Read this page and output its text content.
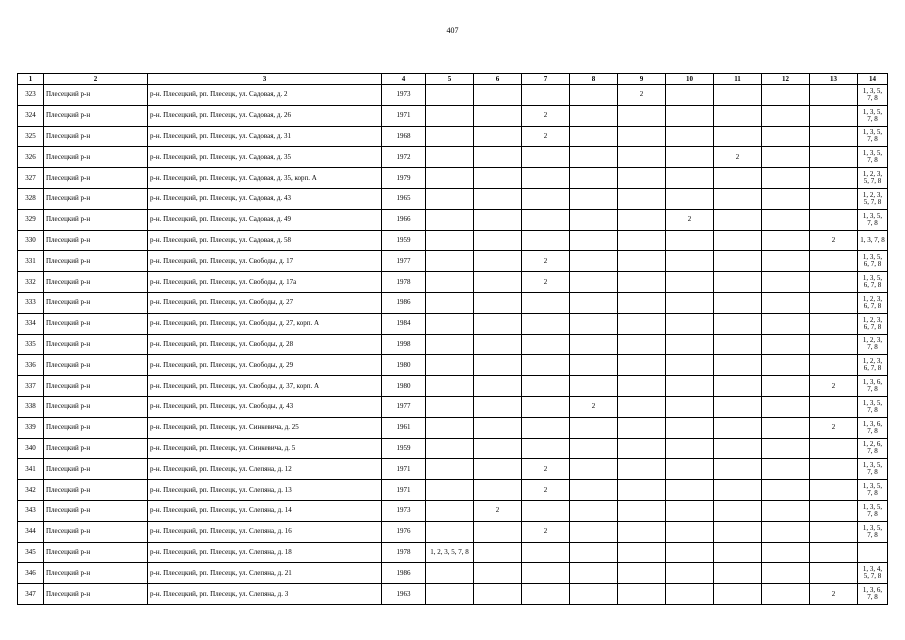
407
1	2	3	4	5	6	7	8	9	10	11	12	13	14
323	Плесецкий р-н	р-н. Плесецкий, рп. Плесецк, ул. Садовая, д. 2	1973					2					1, 3, 5, 7, 8
324	Плесецкий р-н	р-н. Плесецкий, рп. Плесецк, ул. Садовая, д. 26	1971			2							1, 3, 5, 7, 8
325	Плесецкий р-н	р-н. Плесецкий, рп. Плесецк, ул. Садовая, д. 31	1968			2							1, 3, 5, 7, 8
326	Плесецкий р-н	р-н. Плесецкий, рп. Плесецк, ул. Садовая, д. 35	1972							2			1, 3, 5, 7, 8
327	Плесецкий р-н	р-н. Плесецкий, рп. Плесецк, ул. Садовая, д. 35, корп. А	1979										1, 2, 3, 5, 7, 8
328	Плесецкий р-н	р-н. Плесецкий, рп. Плесецк, ул. Садовая, д. 43	1965										1, 2, 3, 5, 7, 8
329	Плесецкий р-н	р-н. Плесецкий, рп. Плесецк, ул. Садовая, д. 49	1966						2				1, 3, 5, 7, 8
330	Плесецкий р-н	р-н. Плесецкий, рп. Плесецк, ул. Садовая, д. 58	1959									2	1, 3, 7, 8
331	Плесецкий р-н	р-н. Плесецкий, рп. Плесецк, ул. Свободы, д. 17	1977			2							1, 3, 5, 6, 7, 8
332	Плесецкий р-н	р-н. Плесецкий, рп. Плесецк, ул. Свободы, д. 17а	1978			2							1, 3, 5, 6, 7, 8
333	Плесецкий р-н	р-н. Плесецкий, рп. Плесецк, ул. Свободы, д. 27	1986										1, 2, 3, 6, 7, 8
334	Плесецкий р-н	р-н. Плесецкий, рп. Плесецк, ул. Свободы, д. 27, корп. А	1984										1, 2, 3, 6, 7, 8
335	Плесецкий р-н	р-н. Плесецкий, рп. Плесецк, ул. Свободы, д. 28	1998										1, 2, 3, 7, 8
336	Плесецкий р-н	р-н. Плесецкий, рп. Плесецк, ул. Свободы, д. 29	1980										1, 2, 3, 6, 7, 8
337	Плесецкий р-н	р-н. Плесецкий, рп. Плесецк, ул. Свободы, д. 37, корп. А	1980									2	1, 3, 6, 7, 8
338	Плесецкий р-н	р-н. Плесецкий, рп. Плесецк, ул. Свободы, д. 43	1977				2						1, 3, 5, 7, 8
339	Плесецкий р-н	р-н. Плесецкий, рп. Плесецк, ул. Синкевича, д. 25	1961									2	1, 3, 6, 7, 8
340	Плесецкий р-н	р-н. Плесецкий, рп. Плесецк, ул. Синкевича, д. 5	1959										1, 2, 6, 7, 8
341	Плесецкий р-н	р-н. Плесецкий, рп. Плесецк, ул. Слепяна, д. 12	1971			2							1, 3, 5, 7, 8
342	Плесецкий р-н	р-н. Плесецкий, рп. Плесецк, ул. Слепяна, д. 13	1971			2							1, 3, 5, 7, 8
343	Плесецкий р-н	р-н. Плесецкий, рп. Плесецк, ул. Слепяна, д. 14	1973		2								1, 3, 5, 7, 8
344	Плесецкий р-н	р-н. Плесецкий, рп. Плесецк, ул. Слепяна, д. 16	1976			2							1, 3, 5, 7, 8
345	Плесецкий р-н	р-н. Плесецкий, рп. Плесецк, ул. Слепяна, д. 18	1978	1, 2, 3, 5, 7, 8									
346	Плесецкий р-н	р-н. Плесецкий, рп. Плесецк, ул. Слепяна, д. 21	1986										1, 3, 4, 5, 7, 8
347	Плесецкий р-н	р-н. Плесецкий, рп. Плесецк, ул. Слепяна, д. 3	1963									2	1, 3, 6, 7, 8
